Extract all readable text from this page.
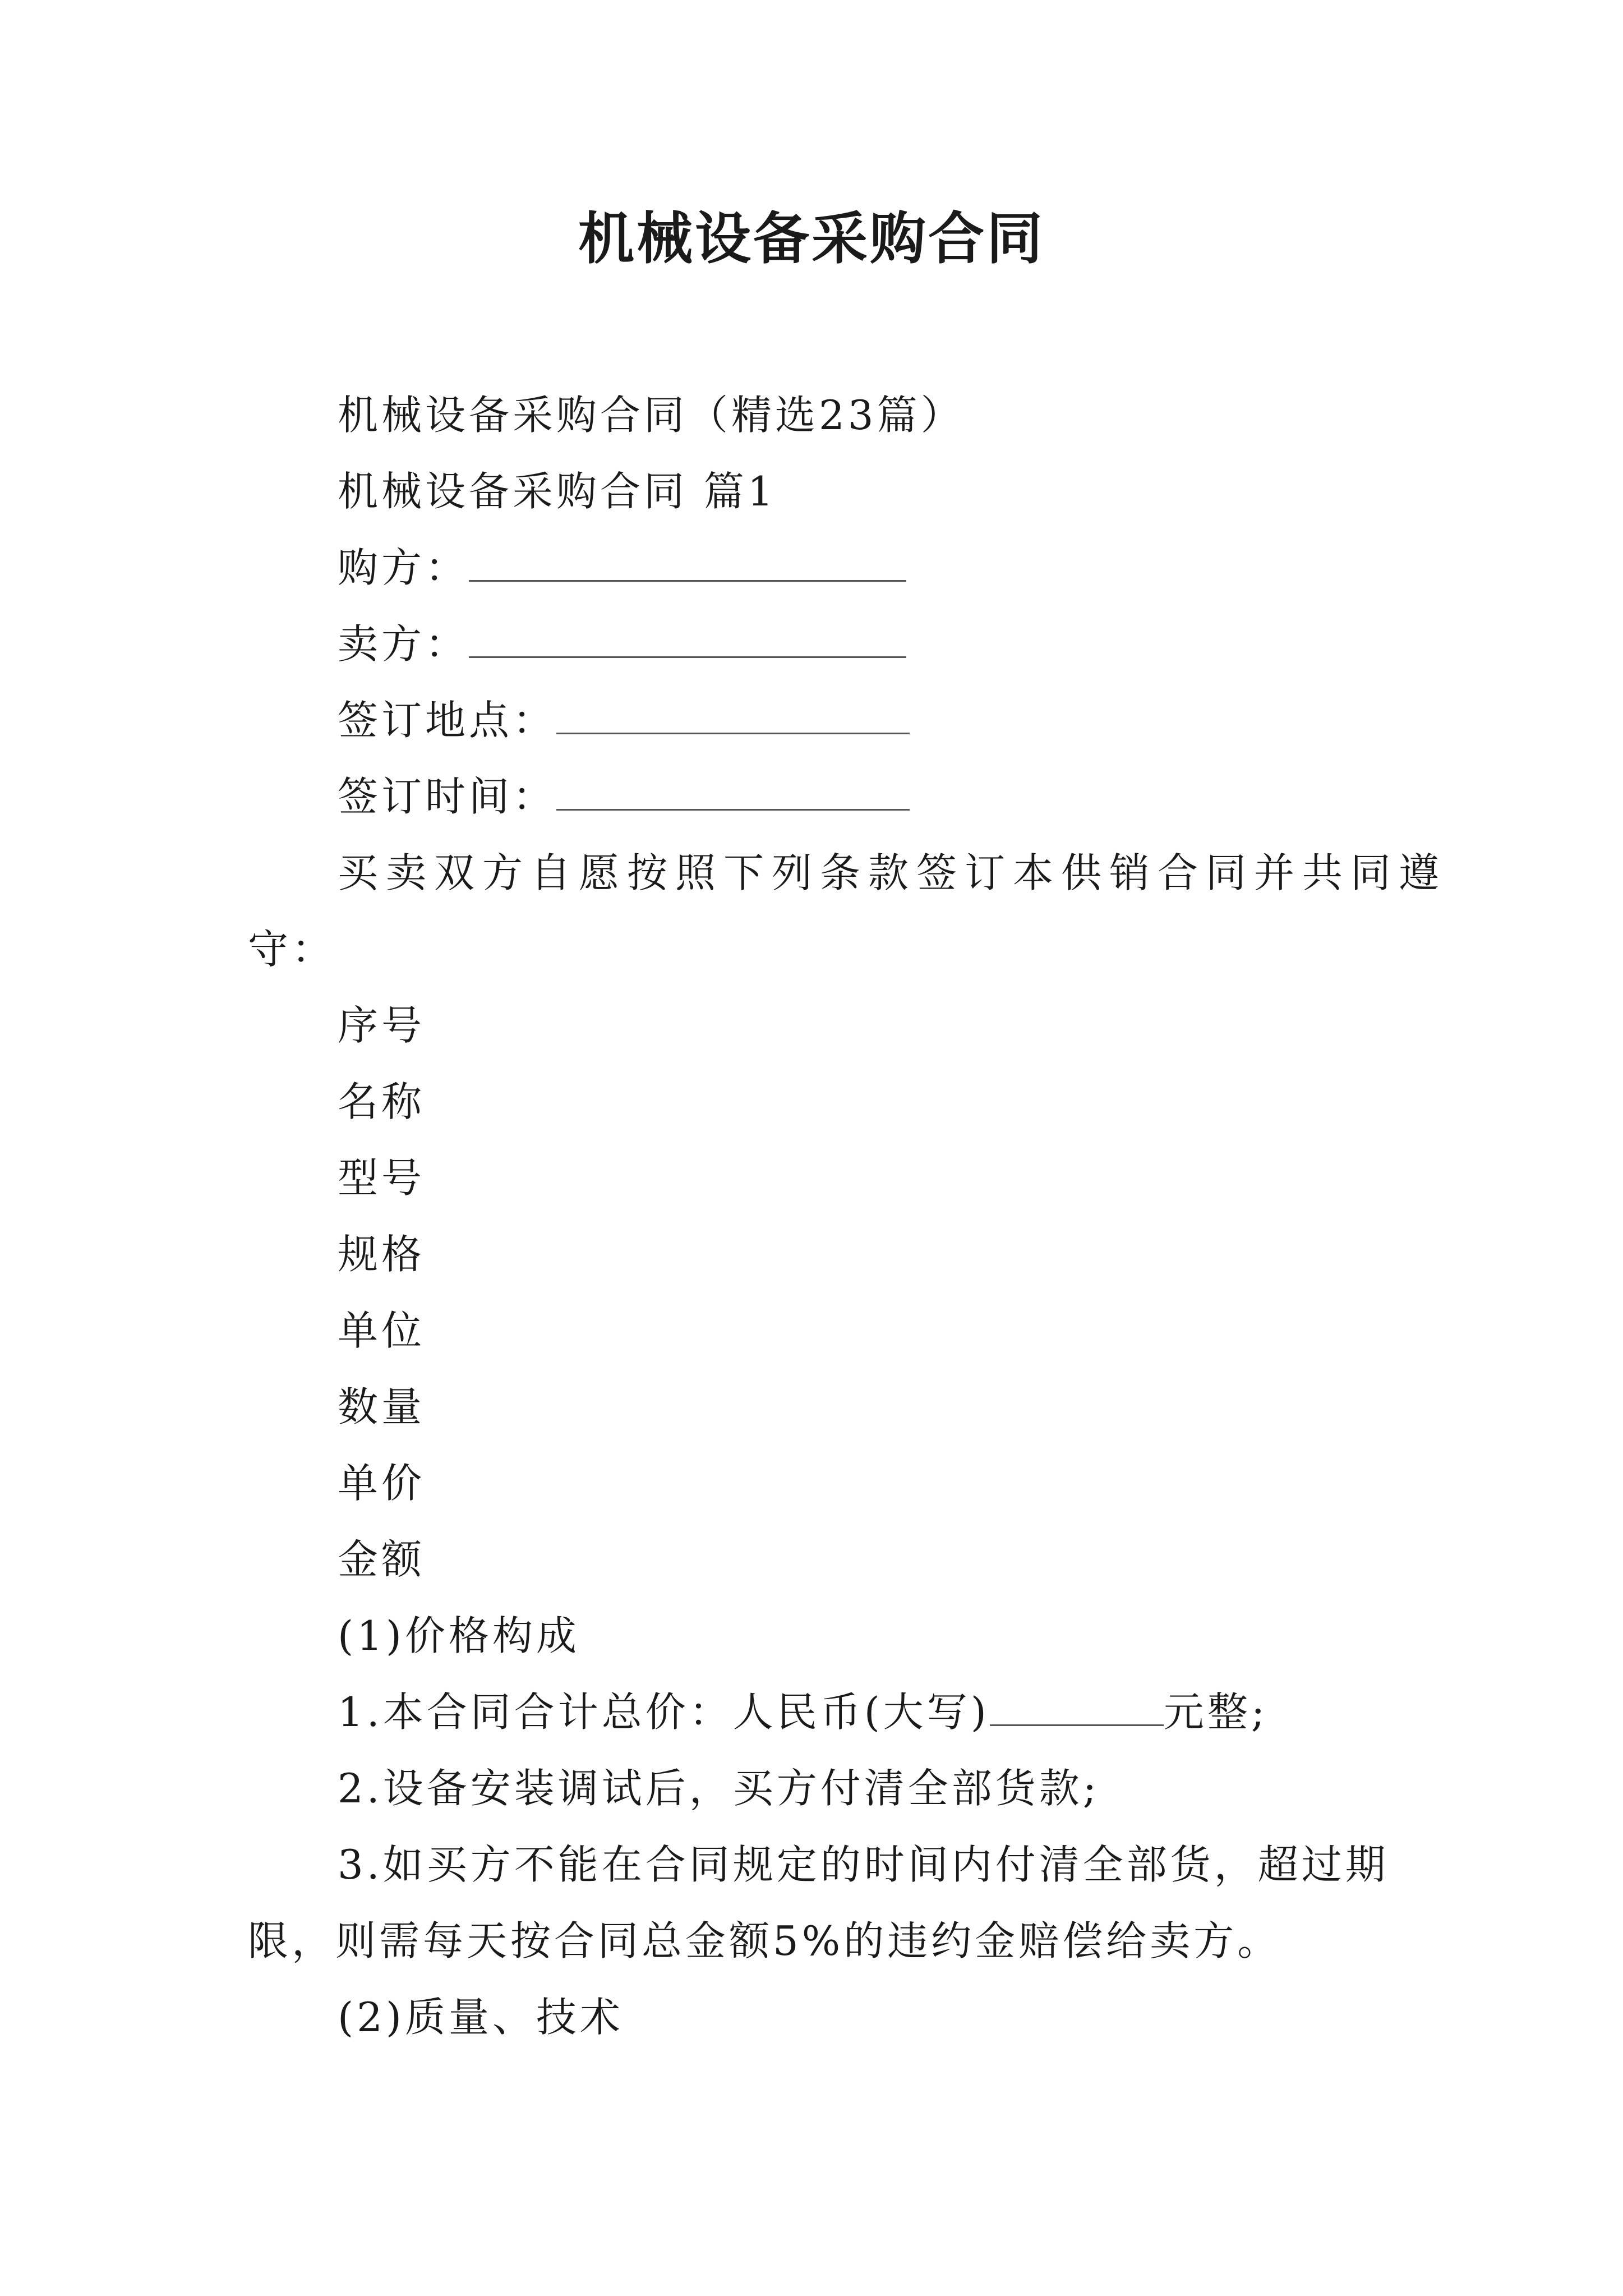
机械设备采购合同
机械设备采购合同（精选23篇）
机械设备采购合同 篇1
购方：
卖方：
签订地点：
签订时间：
买卖双方自愿按照下列条款签订本供销合同并共同遵
守：
序号
名称
型号
规格
单位
数量
单价
金额
(1)价格构成
1.本合同合计总价：人民币(大写)	元整;
2.设备安装调试后，买方付清全部货款;
3.如买方不能在合同规定的时间内付清全部货，超过期
限，则需每天按合同总金额5%的违约金赔偿给卖方。
(2)质量、技术
